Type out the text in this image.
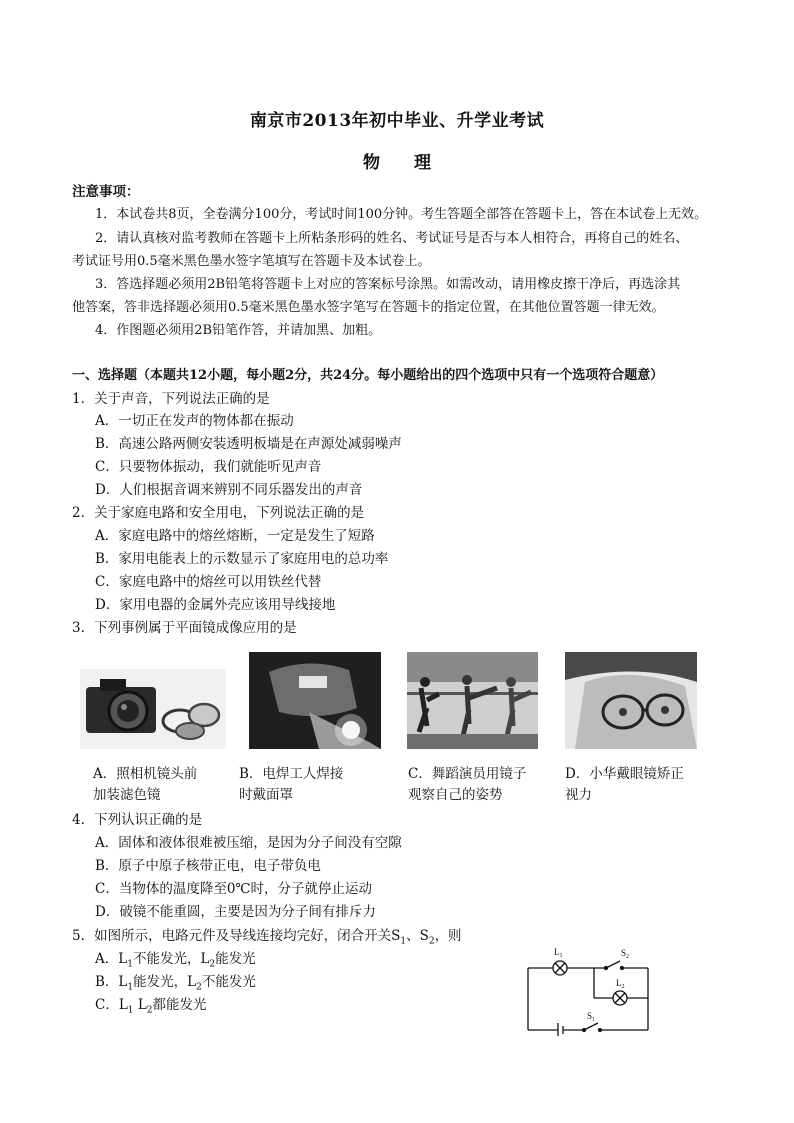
南京市2013年初中毕业、升学业考试
物 理
注意事项：
1．本试卷共8页，全卷满分100分，考试时间100分钟。考生答题全部答在答题卡上，答在本试卷上无效。
2．请认真核对监考教师在答题卡上所粘条形码的姓名、考试证号是否与本人相符合，再将自己的姓名、
考试证号用0.5毫米黑色墨水签字笔填写在答题卡及本试卷上。
3．答选择题必须用2B铅笔将答题卡上对应的答案标号涂黑。如需改动，请用橡皮擦干净后，再选涂其
他答案，答非选择题必须用0.5毫米黑色墨水签字笔写在答题卡的指定位置，在其他位置答题一律无效。
4．作图题必须用2B铅笔作答，并请加黑、加粗。
一、选择题（本题共12小题，每小题2分，共24分。每小题给出的四个选项中只有一个选项符合题意）
1．关于声音，下列说法正确的是
A．一切正在发声的物体都在振动
B．高速公路两侧安装透明板墙是在声源处减弱噪声
C．只要物体振动，我们就能听见声音
D．人们根据音调来辨别不同乐器发出的声音
2．关于家庭电路和安全用电，下列说法正确的是
A．家庭电路中的熔丝熔断，一定是发生了短路
B．家用电能表上的示数显示了家庭用电的总功率
C．家庭电路中的熔丝可以用铁丝代替
D．家用电器的金属外壳应该用导线接地
3．下列事例属于平面镜成像应用的是
A．照相机镜头前
加装滤色镜
B．电焊工人焊接
时戴面罩
C．舞蹈演员用镜子
观察自己的姿势
D．小华戴眼镜矫正
视力
4．下列认识正确的是
A．固体和液体很难被压缩，是因为分子间没有空隙
B．原子中原子核带正电，电子带负电
C．当物体的温度降至0℃时，分子就停止运动
D．破镜不能重圆，主要是因为分子间有排斥力
5．如图所示，电路元件及导线连接均完好，闭合开关$S_1$、$S_2$，则
A．$L_1$不能发光，$L_2$能发光
B．$L_1$能发光，$L_2$不能发光
C．$L_1$ $L_2$都能发光
$L_1$	$S_2$
$L_2$
$S_1$
